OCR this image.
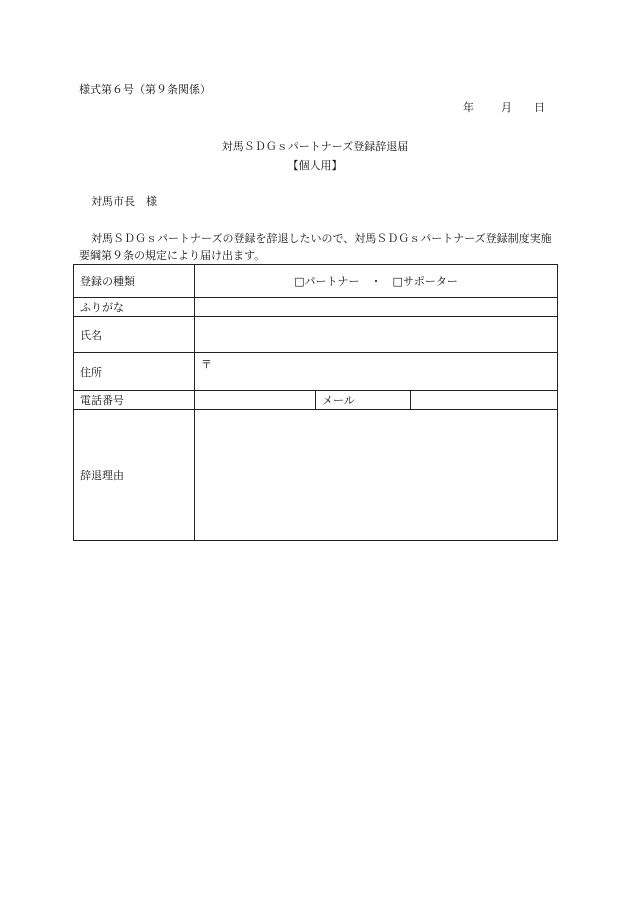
様式第６号（第９条関係）
年 月 日
対馬ＳＤＧｓパートナーズ登録辞退届
【個人用】
対馬市長　様
対馬ＳＤＧｓパートナーズの登録を辞退したいので、対馬ＳＤＧｓパートナーズ登録制度実施要綱第９条の規定により届け出ます。
登録の種類	□パートナー　・　□サポーター		
ふりがな			
氏名			
住所	〒		
電話番号		メール	
辞退理由			
